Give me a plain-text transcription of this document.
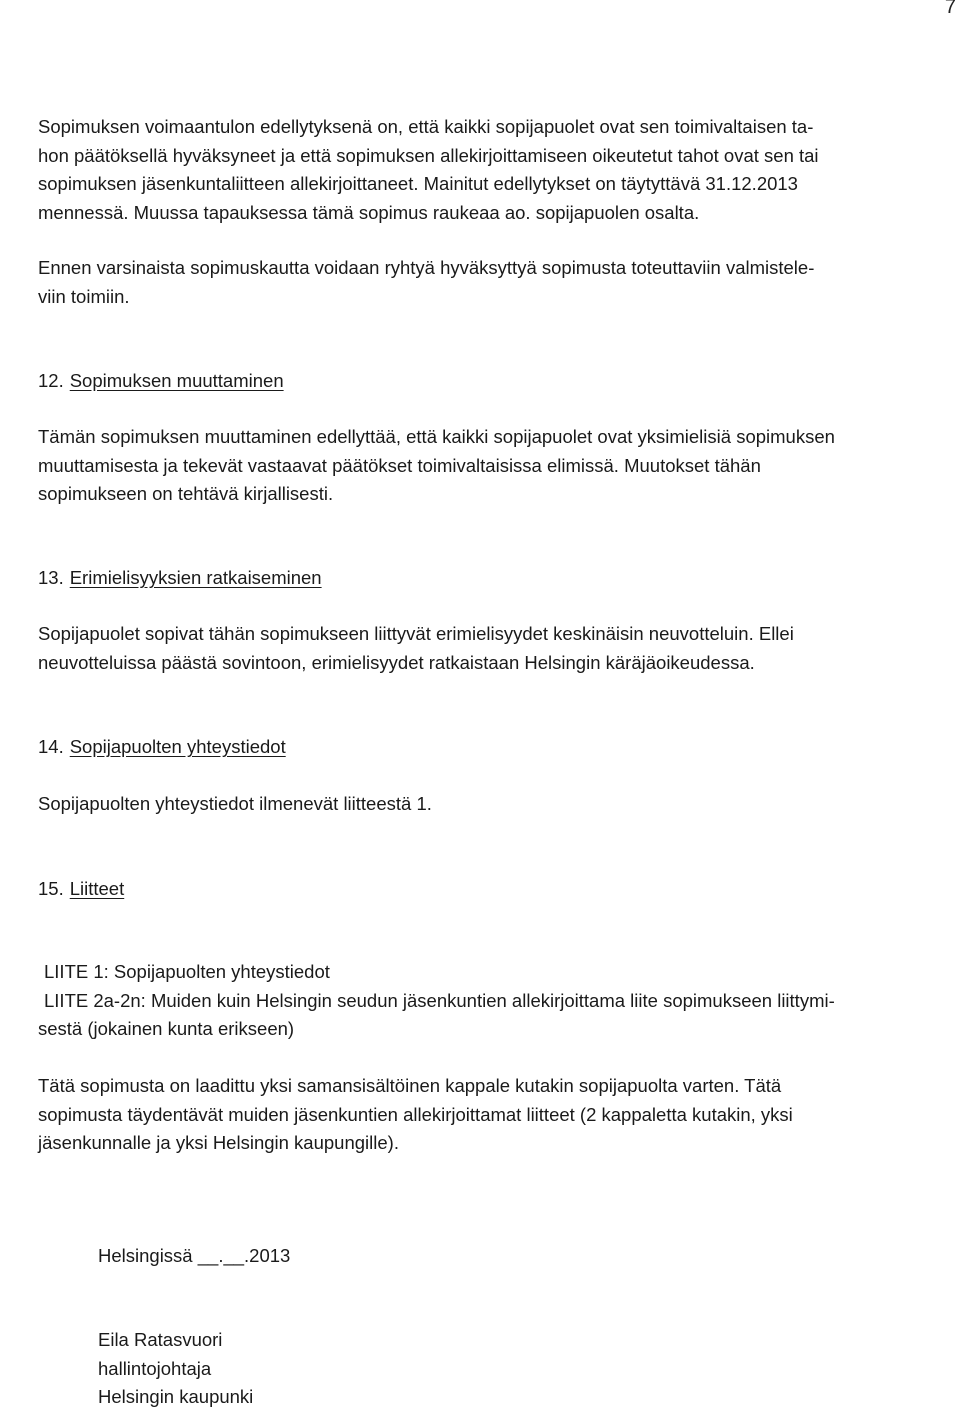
7
Sopimuksen voimaantulon edellytyksenä on, että kaikki sopijapuolet ovat sen toimivaltaisen ta-
hon päätöksellä hyväksyneet ja että sopimuksen allekirjoittamiseen oikeutetut tahot ovat sen tai
sopimuksen jäsenkuntaliitteen allekirjoittaneet. Mainitut edellytykset on täytyttävä 31.12.2013
mennessä. Muussa tapauksessa tämä sopimus raukeaa ao. sopijapuolen osalta.
Ennen varsinaista sopimuskautta voidaan ryhtyä hyväksyttyä sopimusta toteuttaviin valmistele-
viin toimiin.
12. Sopimuksen muuttaminen
Tämän sopimuksen muuttaminen edellyttää, että kaikki sopijapuolet ovat yksimielisiä sopimuksen
muuttamisesta ja tekevät vastaavat päätökset toimivaltaisissa elimissä. Muutokset tähän
sopimukseen on tehtävä kirjallisesti.
13. Erimielisyyksien ratkaiseminen
Sopijapuolet sopivat tähän sopimukseen liittyvät erimielisyydet keskinäisin neuvotteluin. Ellei
neuvotteluissa päästä sovintoon, erimielisyydet ratkaistaan Helsingin käräjäoikeudessa.
14. Sopijapuolten yhteystiedot
Sopijapuolten yhteystiedot ilmenevät liitteestä 1.
15. Liitteet
LIITE 1: Sopijapuolten yhteystiedot
LIITE 2a-2n: Muiden kuin Helsingin seudun jäsenkuntien allekirjoittama liite sopimukseen liittymi-
sestä (jokainen kunta erikseen)
Tätä sopimusta on laadittu yksi samansisältöinen kappale kutakin sopijapuolta varten. Tätä
sopimusta täydentävät muiden jäsenkuntien allekirjoittamat liitteet (2 kappaletta kutakin, yksi
jäsenkunnalle ja yksi Helsingin kaupungille).
Helsingissä __.__.2013
Eila Ratasvuori
hallintojohtaja
Helsingin kaupunki
